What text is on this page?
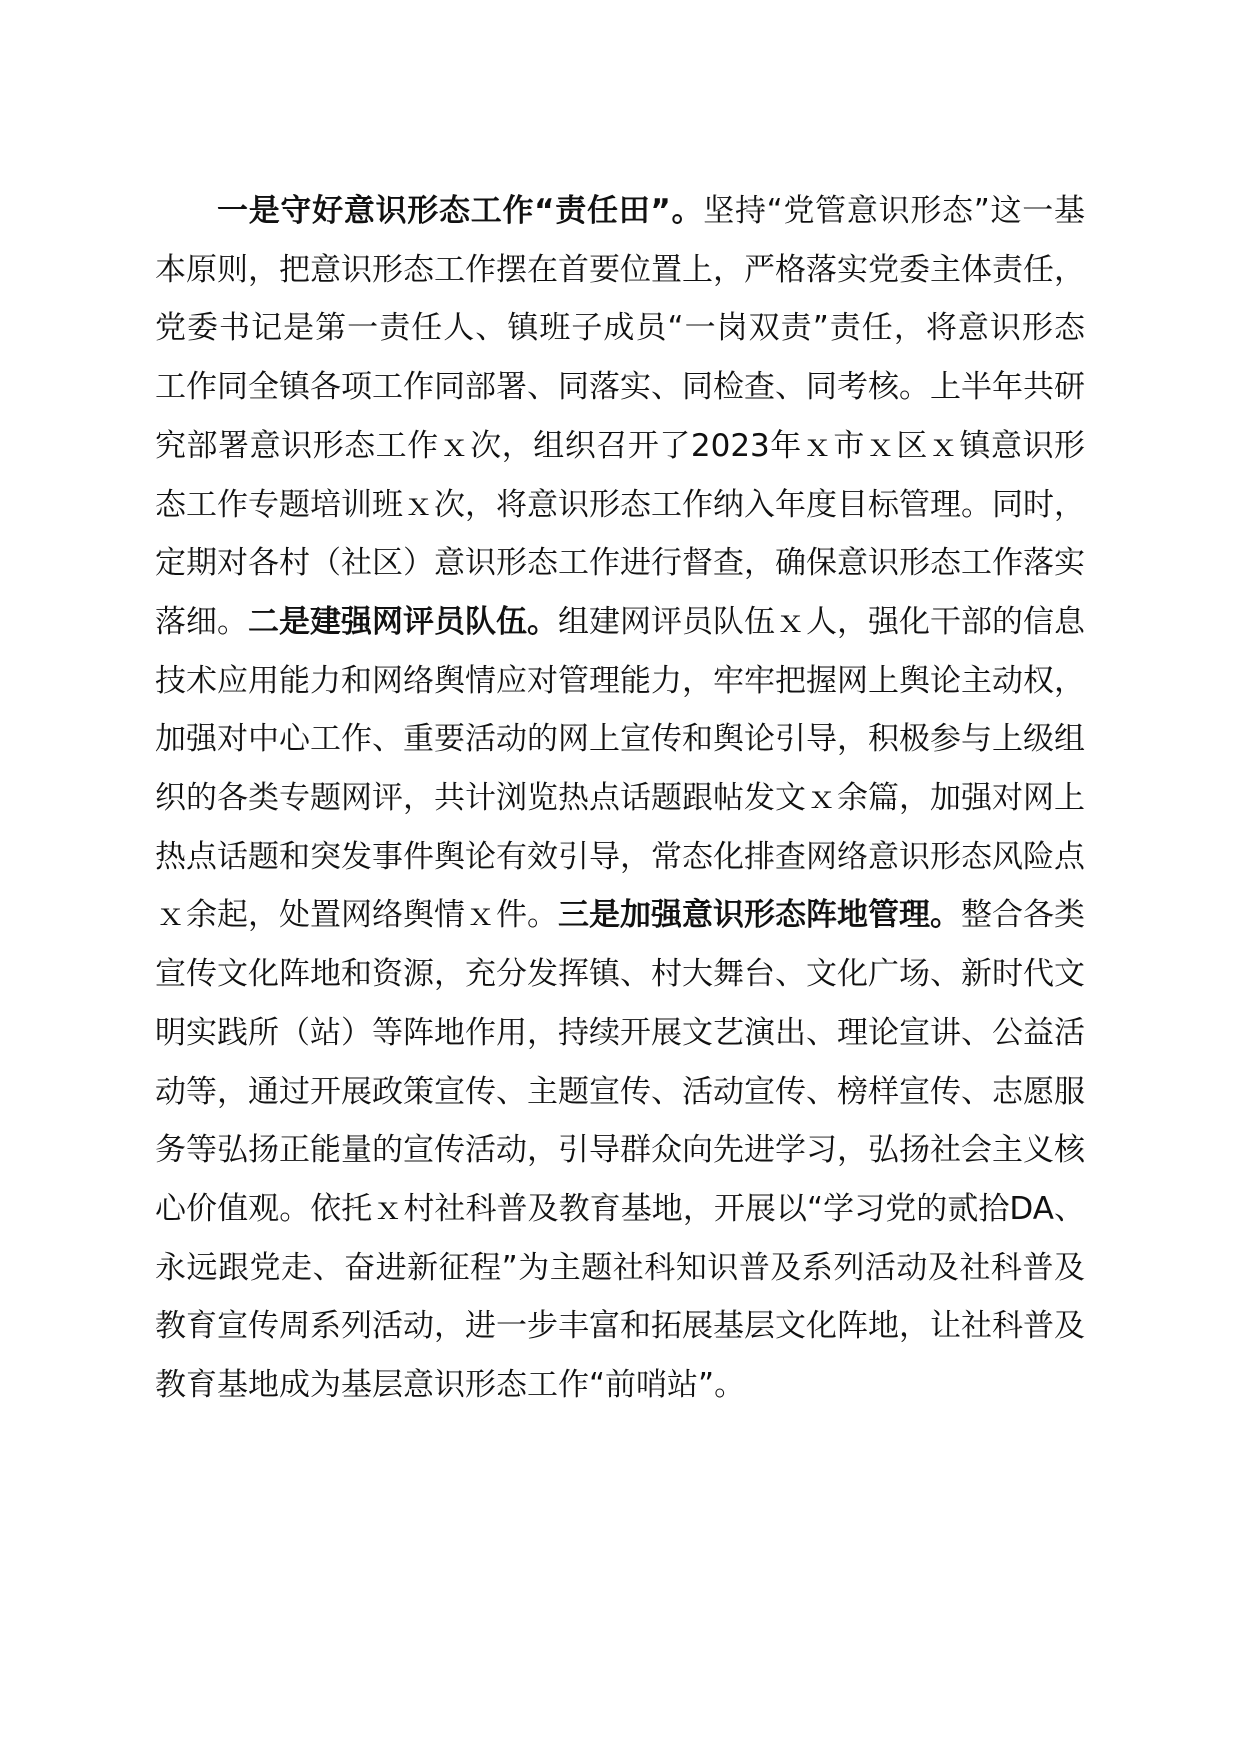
一是守好意识形态工作“责任田”。坚持“党管意识形态”这一基本原则，把意识形态工作摆在首要位置上，严格落实党委主体责任，党委书记是第一责任人、镇班子成员“一岗双责”责任，将意识形态工作同全镇各项工作同部署、同落实、同检查、同考核。上半年共研究部署意识形态工作ｘ次，组织召开了2023年ｘ市ｘ区ｘ镇意识形态工作专题培训班ｘ次，将意识形态工作纳入年度目标管理。同时，定期对各村（社区）意识形态工作进行督查，确保意识形态工作落实落细。二是建强网评员队伍。组建网评员队伍ｘ人，强化干部的信息技术应用能力和网络舆情应对管理能力，牢牢把握网上舆论主动权，加强对中心工作、重要活动的网上宣传和舆论引导，积极参与上级组织的各类专题网评，共计浏览热点话题跟帖发文ｘ余篇，加强对网上热点话题和突发事件舆论有效引导，常态化排查网络意识形态风险点ｘ余起，处置网络舆情ｘ件。三是加强意识形态阵地管理。整合各类宣传文化阵地和资源，充分发挥镇、村大舞台、文化广场、新时代文明实践所（站）等阵地作用，持续开展文艺演出、理论宣讲、公益活动等，通过开展政策宣传、主题宣传、活动宣传、榜样宣传、志愿服务等弘扬正能量的宣传活动，引导群众向先进学习，弘扬社会主义核心价值观。依托ｘ村社科普及教育基地，开展以“学习党的贰拾DA、永远跟党走、奋进新征程”为主题社科知识普及系列活动及社科普及教育宣传周系列活动，进一步丰富和拓展基层文化阵地，让社科普及教育基地成为基层意识形态工作“前哨站”。
